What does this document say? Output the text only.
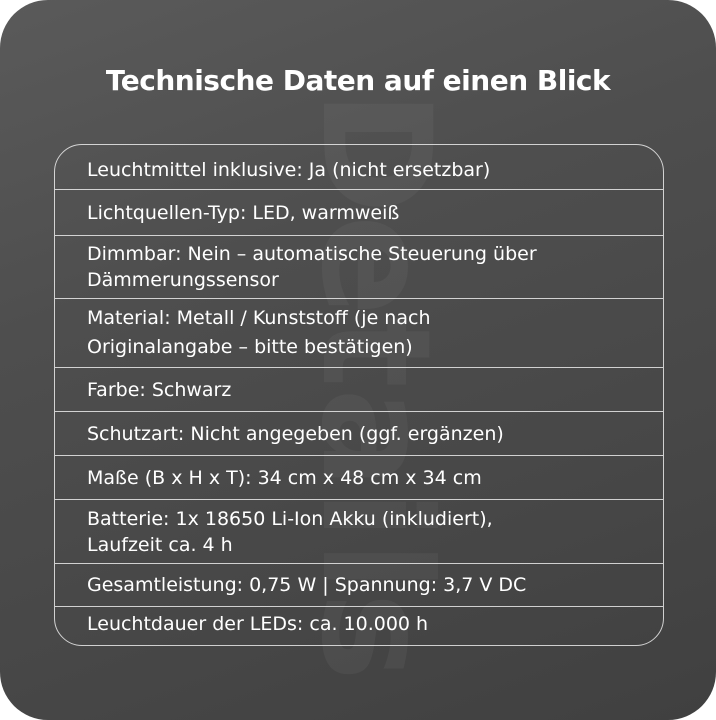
Technische Daten auf einen Blick
Leuchtmittel inklusive: Ja (nicht ersetzbar)
Lichtquellen-Typ: LED, warmweiß
Dimmbar: Nein – automatische Steuerung über Dämmerungssensor
Material: Metall / Kunststoff (je nach Originalangabe – bitte bestätigen)
Farbe: Schwarz
Schutzart: Nicht angegeben (ggf. ergänzen)
Maße (B x H x T): 34 cm x 48 cm x 34 cm
Batterie: 1x 18650 Li-Ion Akku (inkludiert), Laufzeit ca. 4 h
Gesamtleistung: 0,75 W | Spannung: 3,7 V DC
Leuchtdauer der LEDs: ca. 10.000 h
